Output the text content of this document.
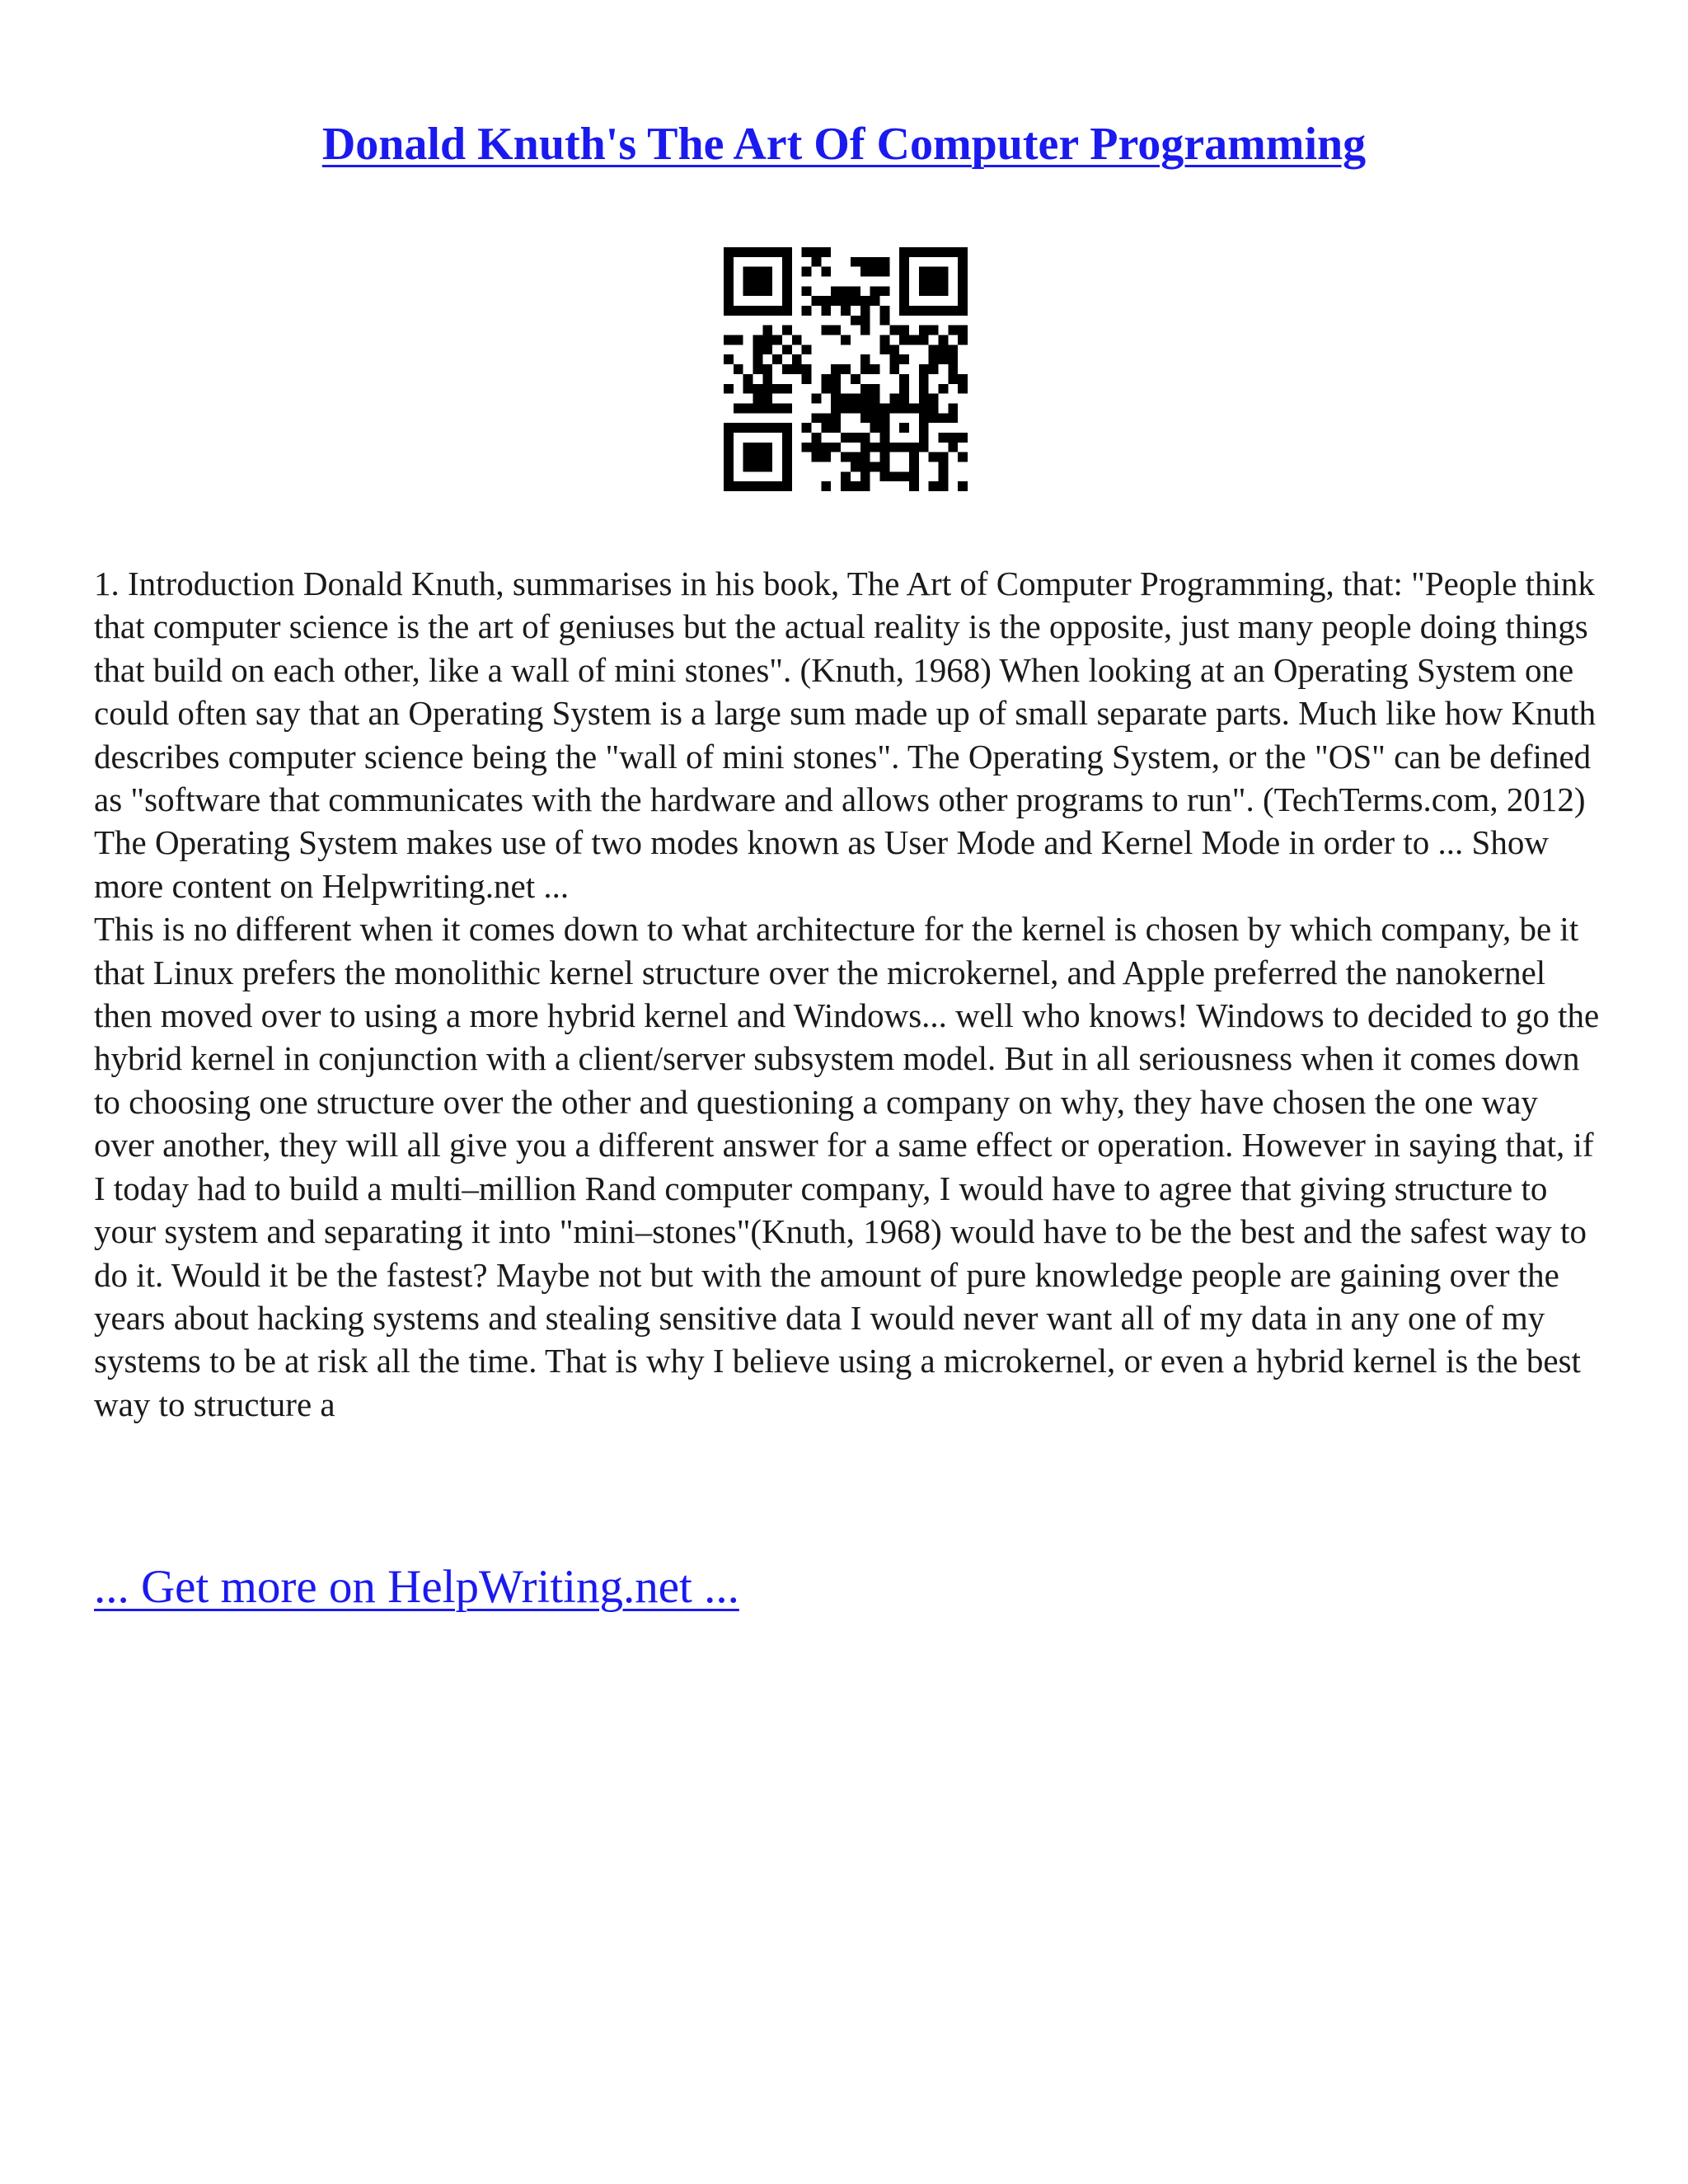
Donald Knuth's The Art Of Computer Programming

1. Introduction Donald Knuth, summarises in his book, The Art of Computer Programming, that: "People think that computer science is the art of geniuses but the actual reality is the opposite, just many people doing things that build on each other, like a wall of mini stones". (Knuth, 1968) When looking at an Operating System one could often say that an Operating System is a large sum made up of small separate parts. Much like how Knuth describes computer science being the "wall of mini stones". The Operating System, or the "OS" can be defined as "software that communicates with the hardware and allows other programs to run". (TechTerms.com, 2012) The Operating System makes use of two modes known as User Mode and Kernel Mode in order to ... Show more content on Helpwriting.net ...

This is no different when it comes down to what architecture for the kernel is chosen by which company, be it that Linux prefers the monolithic kernel structure over the microkernel, and Apple preferred the nanokernel then moved over to using a more hybrid kernel and Windows... well who knows! Windows to decided to go the hybrid kernel in conjunction with a client/server subsystem model. But in all seriousness when it comes down to choosing one structure over the other and questioning a company on why, they have chosen the one way over another, they will all give you a different answer for a same effect or operation. However in saying that, if I today had to build a multi–million Rand computer company, I would have to agree that giving structure to your system and separating it into "mini–stones"(Knuth, 1968) would have to be the best and the safest way to do it. Would it be the fastest? Maybe not but with the amount of pure knowledge people are gaining over the years about hacking systems and stealing sensitive data I would never want all of my data in any one of my systems to be at risk all the time. That is why I believe using a microkernel, or even a hybrid kernel is the best way to structure a

... Get more on HelpWriting.net ...
